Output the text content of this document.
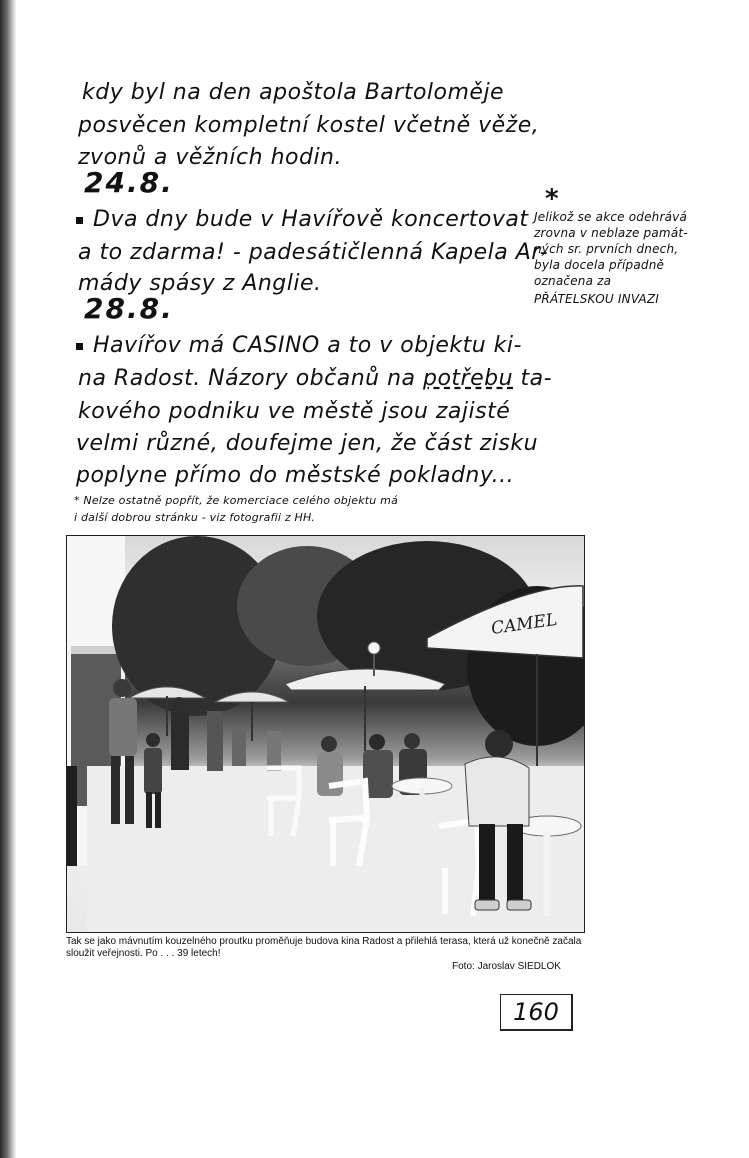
kdy byl na den apoštola Bartoloměje

posvěcen kompletní kostel včetně věže,

zvonů a věžních hodin.

24.8.

Dva dny bude v Havířově koncertovat

a to zdarma! - padesátičlenná Kapela Ar-

mády spásy z Anglie.

28.8.

Havířov má CASINO a to v objektu ki-

na Radost. Názory občanů na potřebu ta-

kového podniku ve městě jsou zajisté

velmi různé, doufejme jen, že část zisku

poplyne přímo do městské pokladny...

* Nelze ostatně popřít, že komerciace celého objektu má

i další dobrou stránku - viz fotografii z HH.

*

Jelikož se akce odehrává

zrovna v neblaze památ-

ných sr. prvních dnech,

byla docela případně

označena za

PŘÁTELSKOU INVAZI

CAMEL

Tak se jako mávnutím kouzelného proutku proměňuje budova kina Radost a přilehlá terasa, která už konečně začala sloužit veřejnosti. Po . . . 39 letech!

Foto: Jaroslav SIEDLOK

160
